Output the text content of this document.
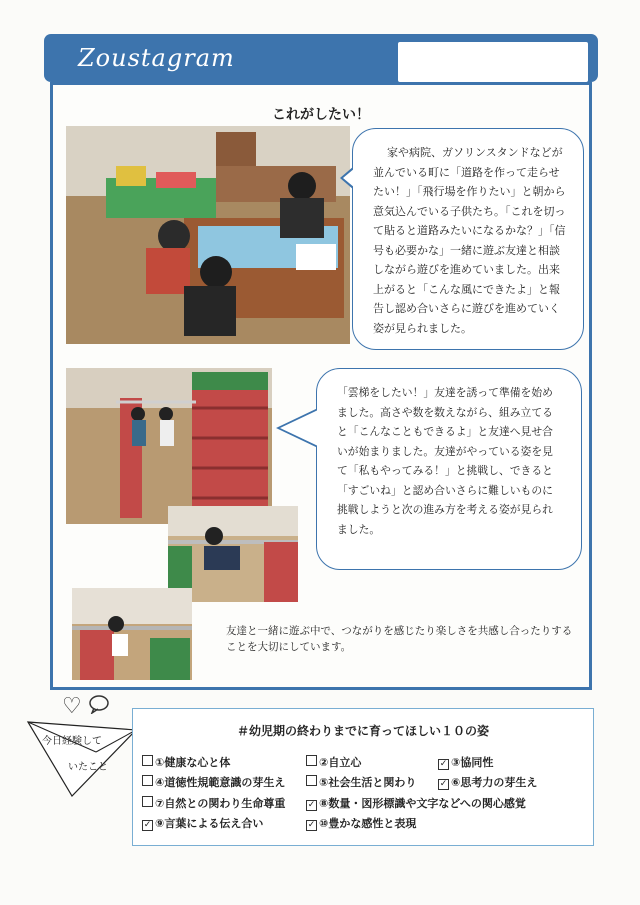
Zoustagram
これがしたい！
家や病院、ガソリンスタンドなどが
並んでいる町に「道路を作って走らせ
たい！」「飛行場を作りたい」と朝から
意気込んでいる子供たち。「これを切っ
て貼ると道路みたいになるかな？」「信
号も必要かな」一緒に遊ぶ友達と相談
しながら遊びを進めていました。出来
上がると「こんな風にできたよ」と報
告し認め合いさらに遊びを進めていく
姿が見られました。
「雲梯をしたい！」友達を誘って準備を始め
ました。高さや数を数えながら、組み立てる
と「こんなこともできるよ」と友達へ見せ合
いが始まりました。友達がやっている姿を見
て「私もやってみる！」と挑戦し、できると
「すごいね」と認め合いさらに難しいものに
挑戦しようと次の進み方を考える姿が見られ
ました。
友達と一緒に遊ぶ中で、つながりを感じたり楽しさを共感し合ったりする
ことを大切にしています。
♡
今日経験して
いたこと
＃幼児期の終わりまでに育ってほしい１０の姿
①健康な心と体	②自立心	✓ ③協同性
④道徳性規範意識の芽生え	⑤社会生活と関わり	✓ ⑥思考力の芽生え
⑦自然との関わり生命尊重 ✓ ⑧数量・図形標識や文字などへの関心感覚
✓ ⑨言葉による伝え合い	✓ ⑩豊かな感性と表現
